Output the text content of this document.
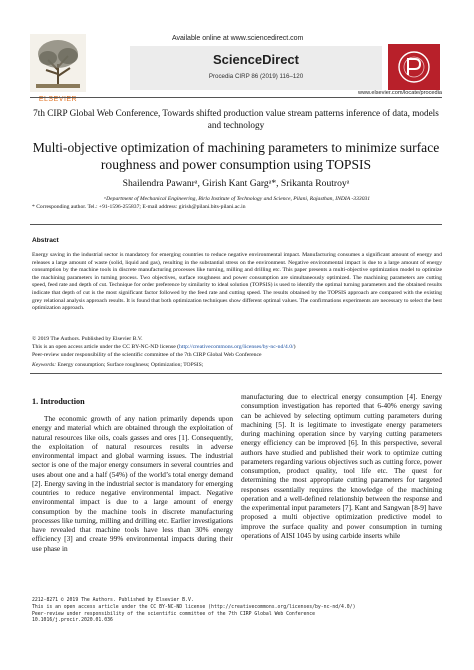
ELSEVIER
Available online at www.sciencedirect.com
ScienceDirect
Procedia CIRP 86 (2019) 116–120
www.elsevier.com/locate/procedia
7th CIRP Global Web Conference, Towards shifted production value stream patterns inference of data, models and technology
Multi-objective optimization of machining parameters to minimize surface roughness and power consumption using TOPSIS
Shailendra Pawanrᵃ, Girish Kant Gargᵃ*, Srikanta Routroyᵃ
ᵃDepartment of Mechanical Engineering, Birla Institute of Technology and Science, Pilani, Rajasthan, INDIA -333031
* Corresponding author. Tel.: +91-1596-255837; E-mail address: girish@pilani.bits-pilani.ac.in
Abstract

Energy saving in the industrial sector is mandatory for emerging countries to reduce negative environmental impact. Manufacturing consumes a significant amount of energy and releases a large amount of waste (solid, liquid and gas), resulting in the substantial stress on the environment. Negative environmental impact is due to a large amount of energy consumption by the machine tools in discrete manufacturing processes like turning, milling and drilling etc. This paper presents a multi-objective optimization model to optimize the machining parameters in turning process. Two objectives, surface roughness and power consumption are simultaneously optimized. The machining parameters are cutting speed, feed rate and depth of cut. Technique for order preference by similarity to ideal solution (TOPSIS) is used to identify the optimal turning parameters and the obtained results indicate that depth of cut is the most significant factor followed by the feed rate and cutting speed. The results obtained by the TOPSIS approach are compared with the existing grey relational analysis approach results. It is found that both optimization techniques show different optimal values. The confirmations experiments are necessary to select the best optimization approach.

© 2019 The Authors. Published by Elsevier B.V.
This is an open access article under the CC BY-NC-ND license (http://creativecommons.org/licenses/by-nc-nd/4.0/)
Peer-review under responsibility of the scientific committee of the 7th CIRP Global Web Conference
Keywords: Energy consumption; Surface roughness; Optimization; TOPSIS;
1. Introduction

The economic growth of any nation primarily depends upon energy and material which are obtained through the exploitation of natural resources like oils, coals gasses and ores [1]. Consequently, the exploitation of natural resources results in adverse environmental impact and global warming issues. The industrial sector is one of the major energy consumers in several countries and uses about one and a half (54%) of the world’s total energy demand [2]. Energy saving in the industrial sector is mandatory for emerging countries to reduce negative environmental impact. Negative environmental impact is due to a large amount of energy consumption by the machine tools in discrete manufacturing processes like turning, milling and drilling etc. Earlier investigations have revealed that machine tools have less than 30% energy efficiency [3] and create 99% environmental impacts during their use phase in

manufacturing due to electrical energy consumption [4]. Energy consumption investigation has reported that 6-40% energy saving can be achieved by selecting optimum cutting parameters during machining [5]. It is legitimate to investigate energy parameters during machining operation since by varying cutting parameters energy efficiency can be improved [6]. In this perspective, several authors have studied and published their work to optimize cutting parameters regarding various objectives such as cutting force, power consumption, product quality, tool life etc. The quest for determining the most appropriate cutting parameters for targeted responses essentially requires the knowledge of the machining operation and a well-defined relationship between the response and the experimental input parameters [7]. Kant and Sangwan [8-9] have proposed a multi objective optimization predictive model to improve the surface quality and power consumption in turning operations of AISI 1045 by using carbide inserts while

2212-8271 © 2019 The Authors. Published by Elsevier B.V.
This is an open access article under the CC BY-NC-ND license (http://creativecommons.org/licenses/by-nc-nd/4.0/)
Peer-review under responsibility of the scientific committee of the 7th CIRP Global Web Conference
10.1016/j.procir.2020.01.036
